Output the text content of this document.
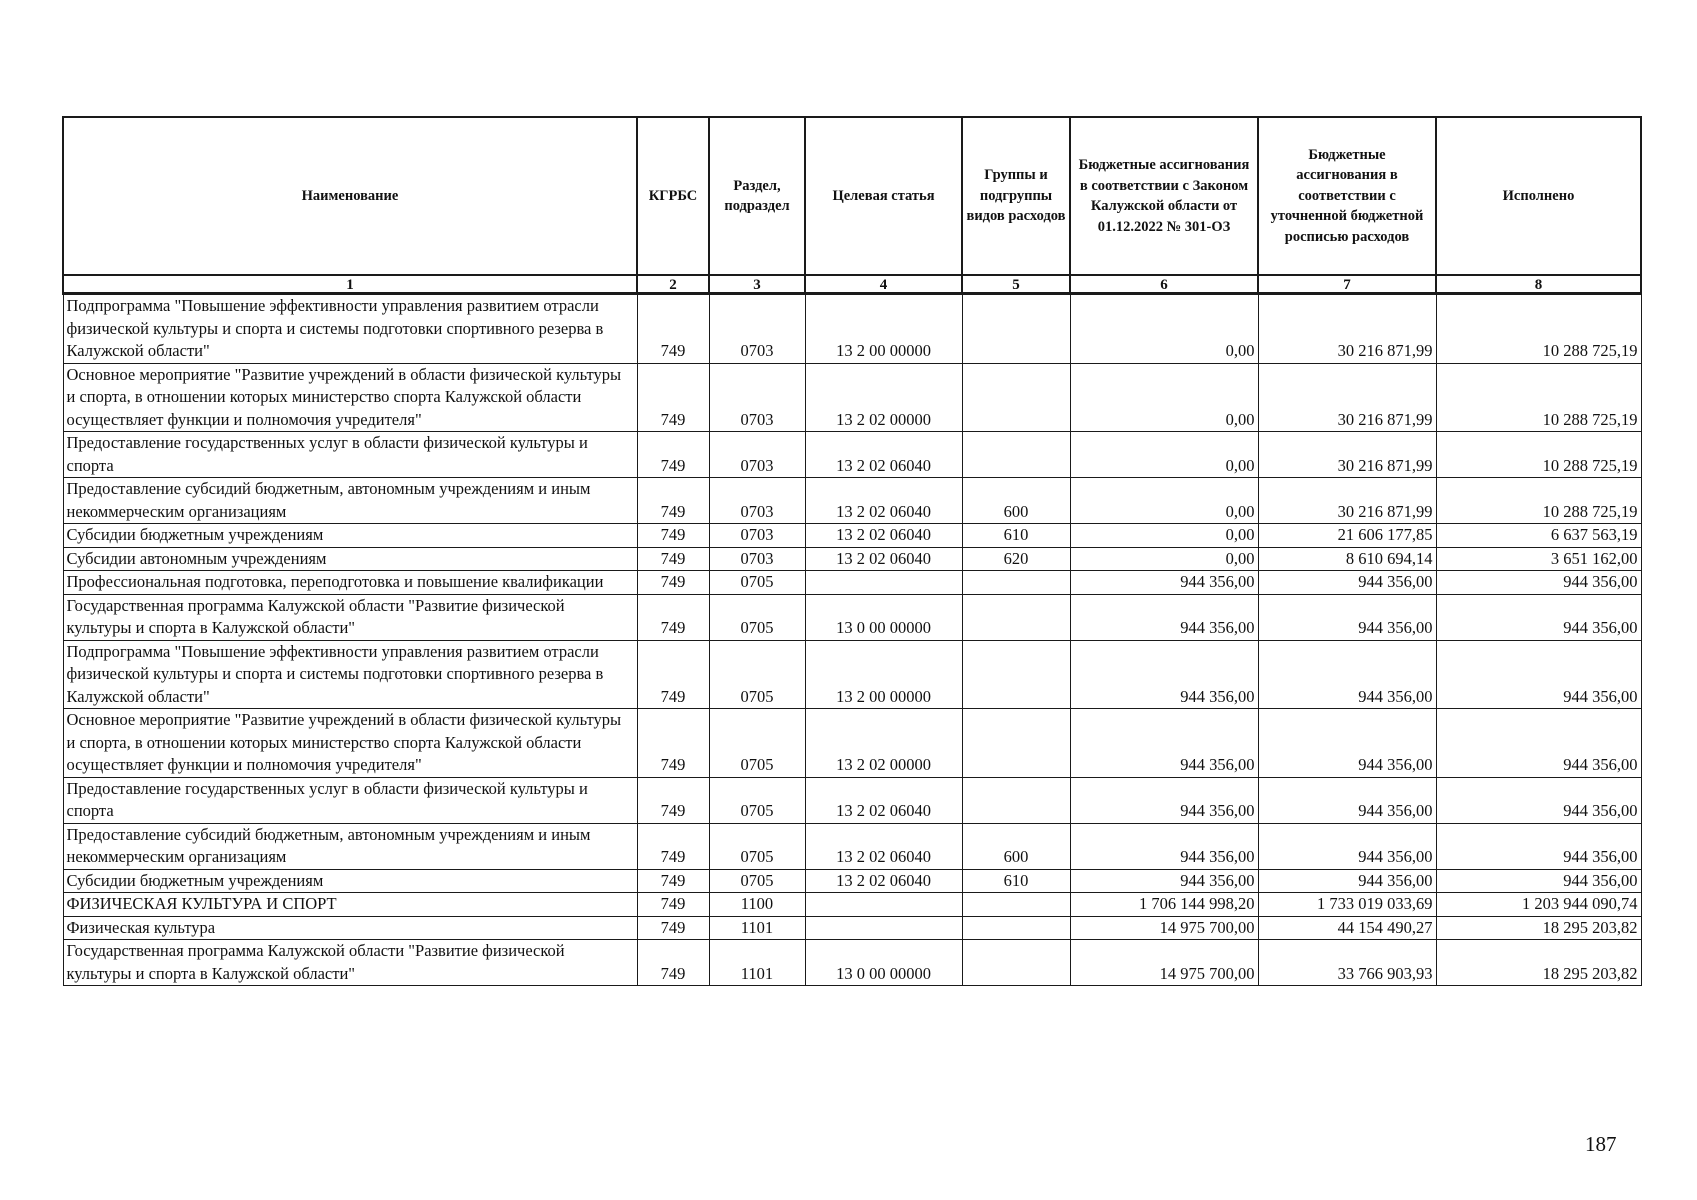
Наименование	КГРБС	Раздел, подраздел	Целевая статья	Группы и подгруппы видов расходов	Бюджетные ассигнования в соответствии с Законом Калужской области от 01.12.2022 № 301-ОЗ	Бюджетные ассигнования в соответствии с уточненной бюджетной росписью расходов	Исполнено
1	2	3	4	5	6	7	8
Подпрограмма "Повышение эффективности управления развитием отрасли физической культуры и спорта и системы подготовки спортивного резерва в Калужской области"	749	0703	13 2 00 00000		0,00	30 216 871,99	10 288 725,19
Основное мероприятие "Развитие учреждений в области физической культуры и спорта, в отношении которых министерство спорта Калужской области осуществляет функции и полномочия учредителя"	749	0703	13 2 02 00000		0,00	30 216 871,99	10 288 725,19
Предоставление государственных услуг в области физической культуры и спорта	749	0703	13 2 02 06040		0,00	30 216 871,99	10 288 725,19
Предоставление субсидий бюджетным, автономным учреждениям и иным некоммерческим организациям	749	0703	13 2 02 06040	600	0,00	30 216 871,99	10 288 725,19
Субсидии бюджетным учреждениям	749	0703	13 2 02 06040	610	0,00	21 606 177,85	6 637 563,19
Субсидии автономным учреждениям	749	0703	13 2 02 06040	620	0,00	8 610 694,14	3 651 162,00
Профессиональная подготовка, переподготовка и повышение квалификации	749	0705			944 356,00	944 356,00	944 356,00
Государственная программа Калужской области "Развитие физической культуры и спорта в Калужской области"	749	0705	13 0 00 00000		944 356,00	944 356,00	944 356,00
Подпрограмма "Повышение эффективности управления развитием отрасли физической культуры и спорта и системы подготовки спортивного резерва в Калужской области"	749	0705	13 2 00 00000		944 356,00	944 356,00	944 356,00
Основное мероприятие "Развитие учреждений в области физической культуры и спорта, в отношении которых министерство спорта Калужской области осуществляет функции и полномочия учредителя"	749	0705	13 2 02 00000		944 356,00	944 356,00	944 356,00
Предоставление государственных услуг в области физической культуры и спорта	749	0705	13 2 02 06040		944 356,00	944 356,00	944 356,00
Предоставление субсидий бюджетным, автономным учреждениям и иным некоммерческим организациям	749	0705	13 2 02 06040	600	944 356,00	944 356,00	944 356,00
Субсидии бюджетным учреждениям	749	0705	13 2 02 06040	610	944 356,00	944 356,00	944 356,00
ФИЗИЧЕСКАЯ КУЛЬТУРА И СПОРТ	749	1100			1 706 144 998,20	1 733 019 033,69	1 203 944 090,74
Физическая культура	749	1101			14 975 700,00	44 154 490,27	18 295 203,82
Государственная программа Калужской области "Развитие физической культуры и спорта в Калужской области"	749	1101	13 0 00 00000		14 975 700,00	33 766 903,93	18 295 203,82
187
